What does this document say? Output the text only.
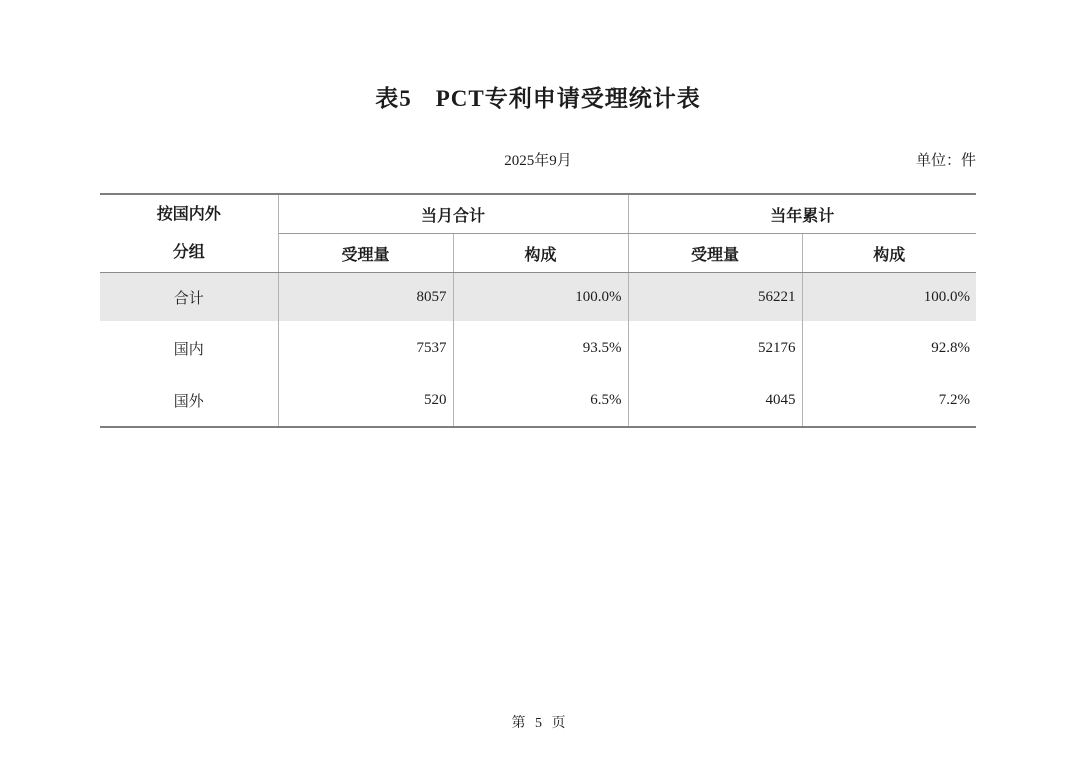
表5　PCT专利申请受理统计表
2025年9月	单位：件
按国内外
分组	当月合计		当年累计	
	受理量	构成	受理量	构成
合计	8057	100.0%	56221	100.0%
国内	7537	93.5%	52176	92.8%
国外	520	6.5%	4045	7.2%
第 5 页
